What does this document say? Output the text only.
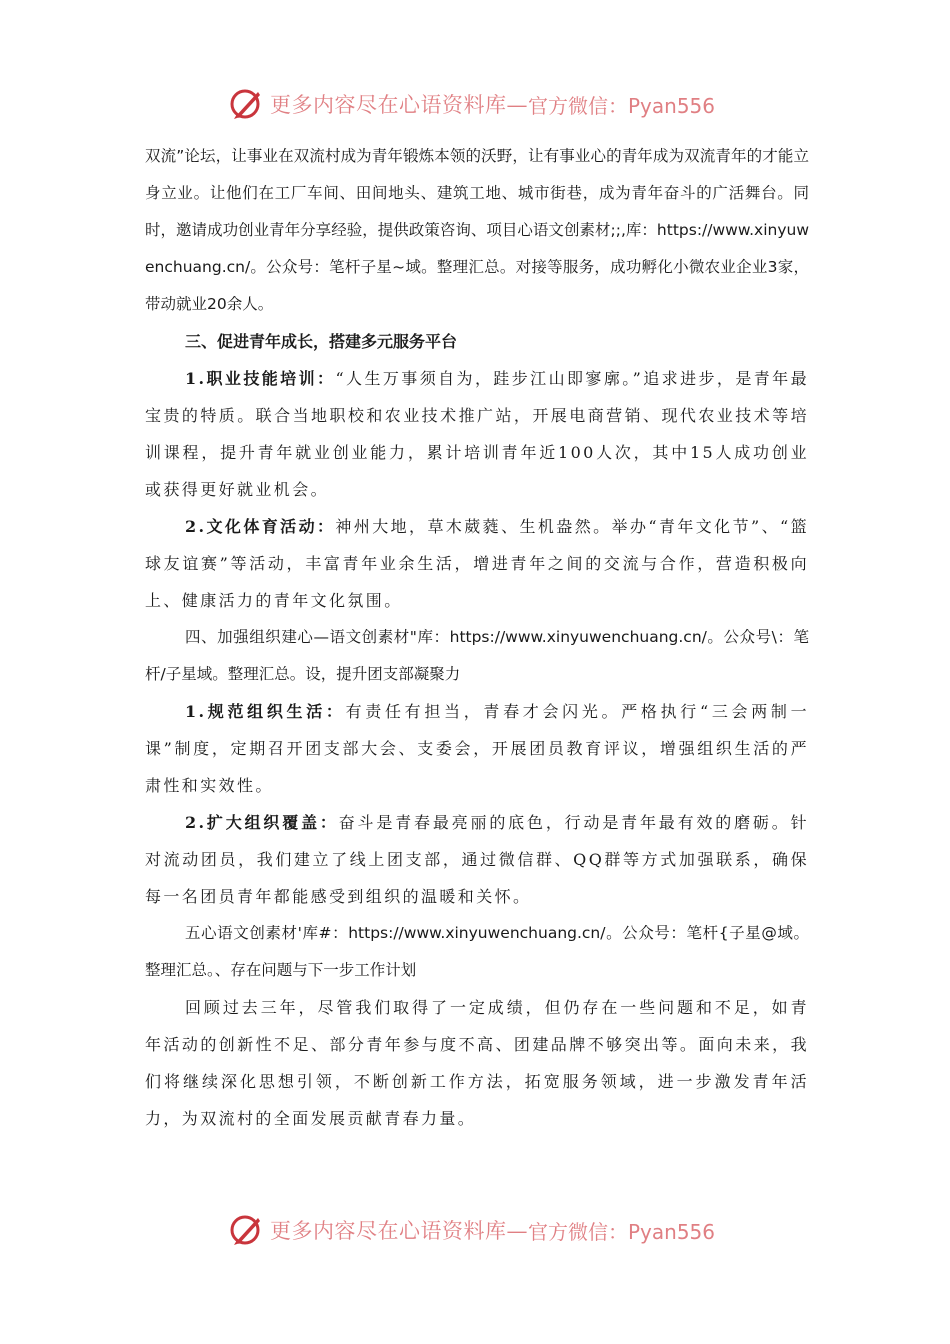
更多内容尽在心语资料库— 官方微信：Pyan556

双流”论坛，让事业在双流村成为青年锻炼本领的沃野，让有事业心的青年成为双流青年的才能立身立业。让他们在工厂车间、田间地头、建筑工地、城市街巷，成为青年奋斗的广活舞台。同时，邀请成功创业青年分享经验，提供政策咨询、项目心语文创素材;;,库：https://www.xinyuwenchuang.cn/。公众号：笔杆子星~域。整理汇总。对接等服务，成功孵化小微农业企业3家，带动就业20余人。

三、促进青年成长，搭建多元服务平台

1.职业技能培训：“人生万事须自为，跬步江山即寥廓。”追求进步，是青年最宝贵的特质。联合当地职校和农业技术推广站，开展电商营销、现代农业技术等培训课程，提升青年就业创业能力，累计培训青年近100人次，其中15人成功创业或获得更好就业机会。

2.文化体育活动：神州大地，草木葳蕤、生机盎然。举办“青年文化节”、“篮球友谊赛”等活动，丰富青年业余生活，增进青年之间的交流与合作，营造积极向上、健康活力的青年文化氛围。

四、加强组织建心—语文创素材"库：https://www.xinyuwenchuang.cn/。公众号\：笔杆/子星域。整理汇总。设，提升团支部凝聚力

1.规范组织生活：有责任有担当，青春才会闪光。严格执行“三会两制一课”制度，定期召开团支部大会、支委会，开展团员教育评议，增强组织生活的严肃性和实效性。

2.扩大组织覆盖：奋斗是青春最亮丽的底色，行动是青年最有效的磨砺。针对流动团员，我们建立了线上团支部，通过微信群、QQ群等方式加强联系，确保每一名团员青年都能感受到组织的温暖和关怀。

五心语文创素材'库#：https://www.xinyuwenchuang.cn/。公众号：笔杆{子星@域。整理汇总。、存在问题与下一步工作计划

回顾过去三年，尽管我们取得了一定成绩，但仍存在一些问题和不足，如青年活动的创新性不足、部分青年参与度不高、团建品牌不够突出等。面向未来，我们将继续深化思想引领，不断创新工作方法，拓宽服务领域，进一步激发青年活力，为双流村的全面发展贡献青春力量。

更多内容尽在心语资料库— 官方微信：Pyan556
